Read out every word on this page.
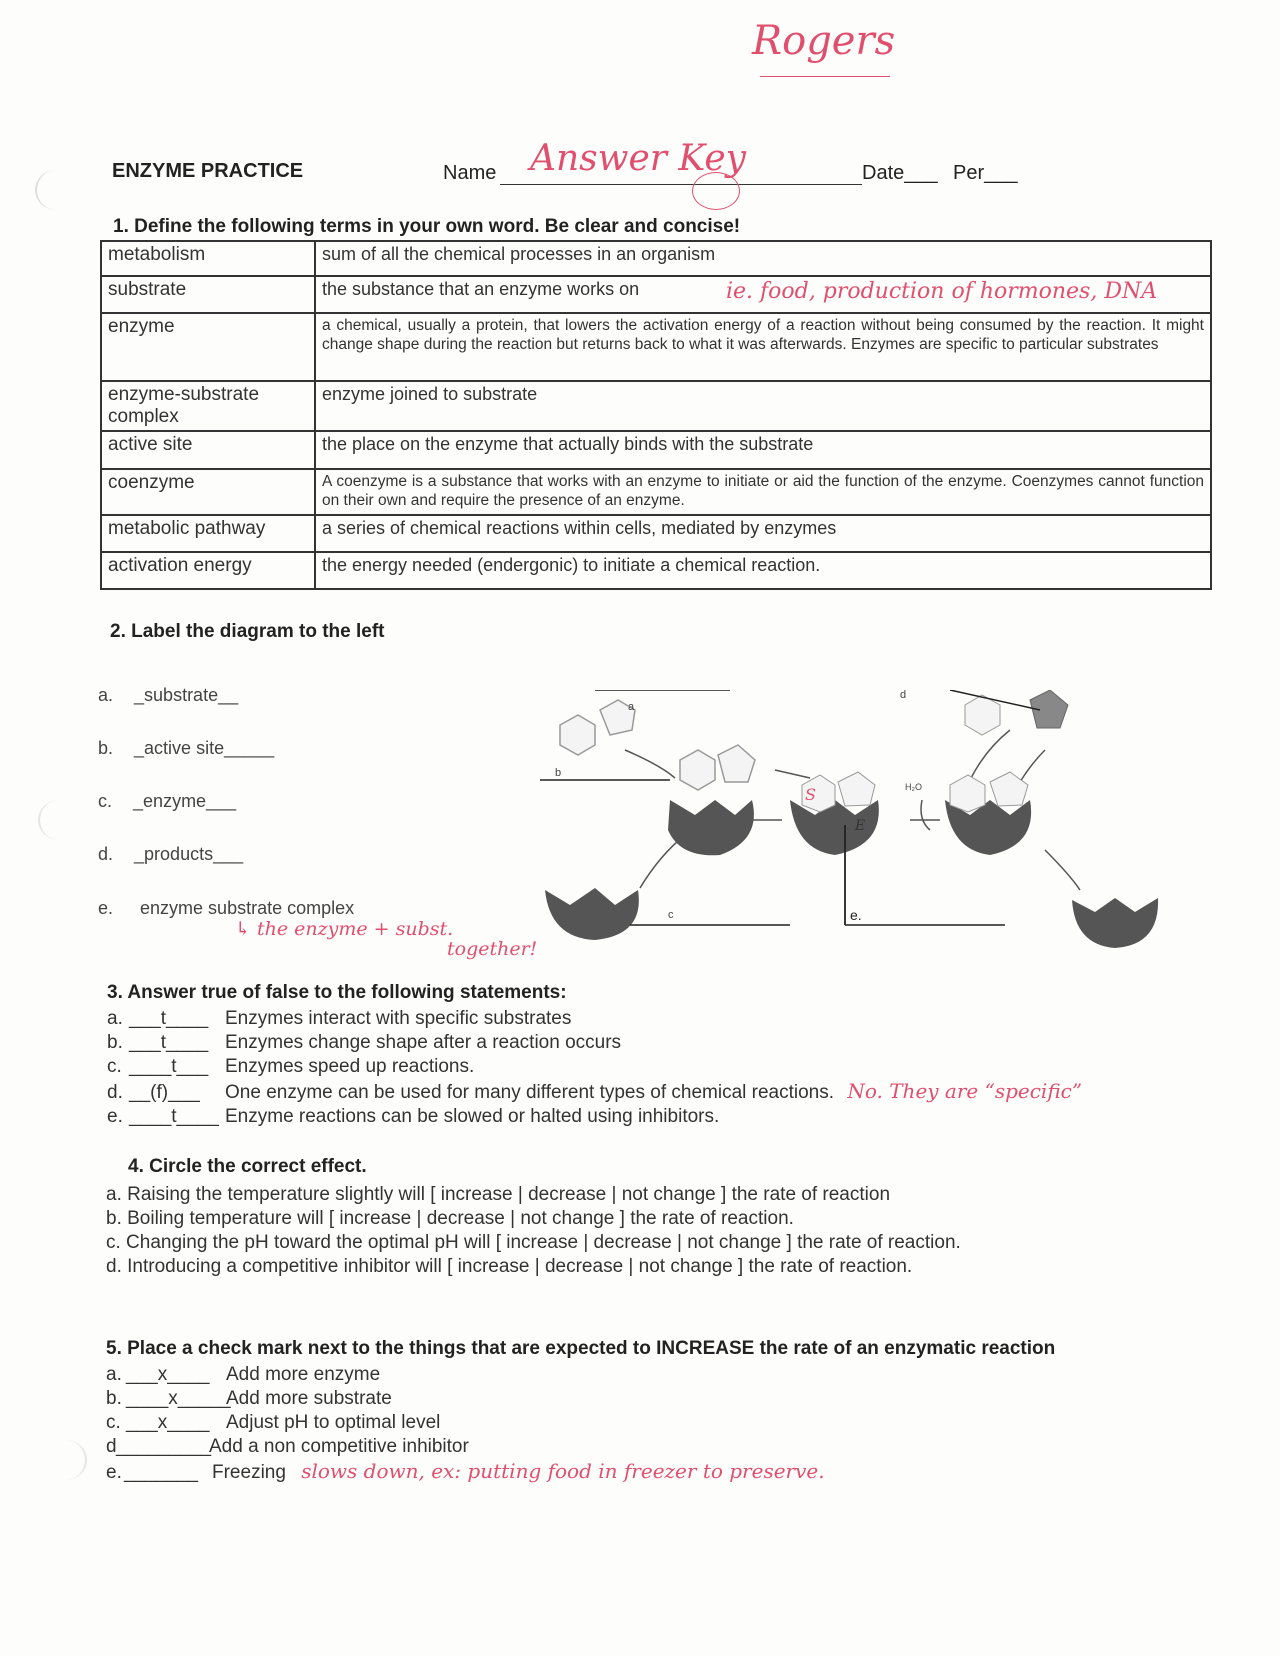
Rogers
ENZYME PRACTICE	Name Answer Key	Date___ Per___
1. Define the following terms in your own word. Be clear and concise!
metabolism	sum of all the chemical processes in an organism
substrate	the substance that an enzyme works on ie. food, production of hormones, DNA

enzyme	a chemical, usually a protein, that lowers the activation energy of a reaction without being consumed by the reaction. It might change shape during the reaction but returns back to what it was afterwards. Enzymes are specific to particular substrates
enzyme-substrate complex	enzyme joined to substrate
active site	the place on the enzyme that actually binds with the substrate
coenzyme	A coenzyme is a substance that works with an enzyme to initiate or aid the function of the enzyme. Coenzymes cannot function on their own and require the presence of an enzyme.
metabolic pathway	a series of chemical reactions within cells, mediated by enzymes
activation energy	the energy needed (endergonic) to initiate a chemical reaction.
2. Label the diagram to the left
a. _substrate__
b. _active site_____
c. _enzyme___
d. _products___
e. enzyme substrate complex
↳ the enzyme + subst.
together!
a
b
c
d
e.
S
E
H₂O
3. Answer true of false to the following statements:
a. ___t____ Enzymes interact with specific substrates
b. ___t____ Enzymes change shape after a reaction occurs
c. ____t___ Enzymes speed up reactions.
d. __(f)___ One enzyme can be used for many different types of chemical reactions. No. They are “specific”
e. ____t____ Enzyme reactions can be slowed or halted using inhibitors.
4. Circle the correct effect.
a. Raising the temperature slightly will [ increase | decrease | not change ] the rate of reaction
b. Boiling temperature will [ increase | decrease | not change ] the rate of reaction.
c. Changing the pH toward the optimal pH will [ increase | decrease | not change ] the rate of reaction.
d. Introducing a competitive inhibitor will [ increase | decrease | not change ] the rate of reaction.
5. Place a check mark next to the things that are expected to INCREASE the rate of an enzymatic reaction
a. ___x____ Add more enzyme
b. ____x_____Add more substrate
c. ___x____ Adjust pH to optimal level
d_________Add a non competitive inhibitor
e. _______ Freezing slows down, ex: putting food in freezer to preserve.
